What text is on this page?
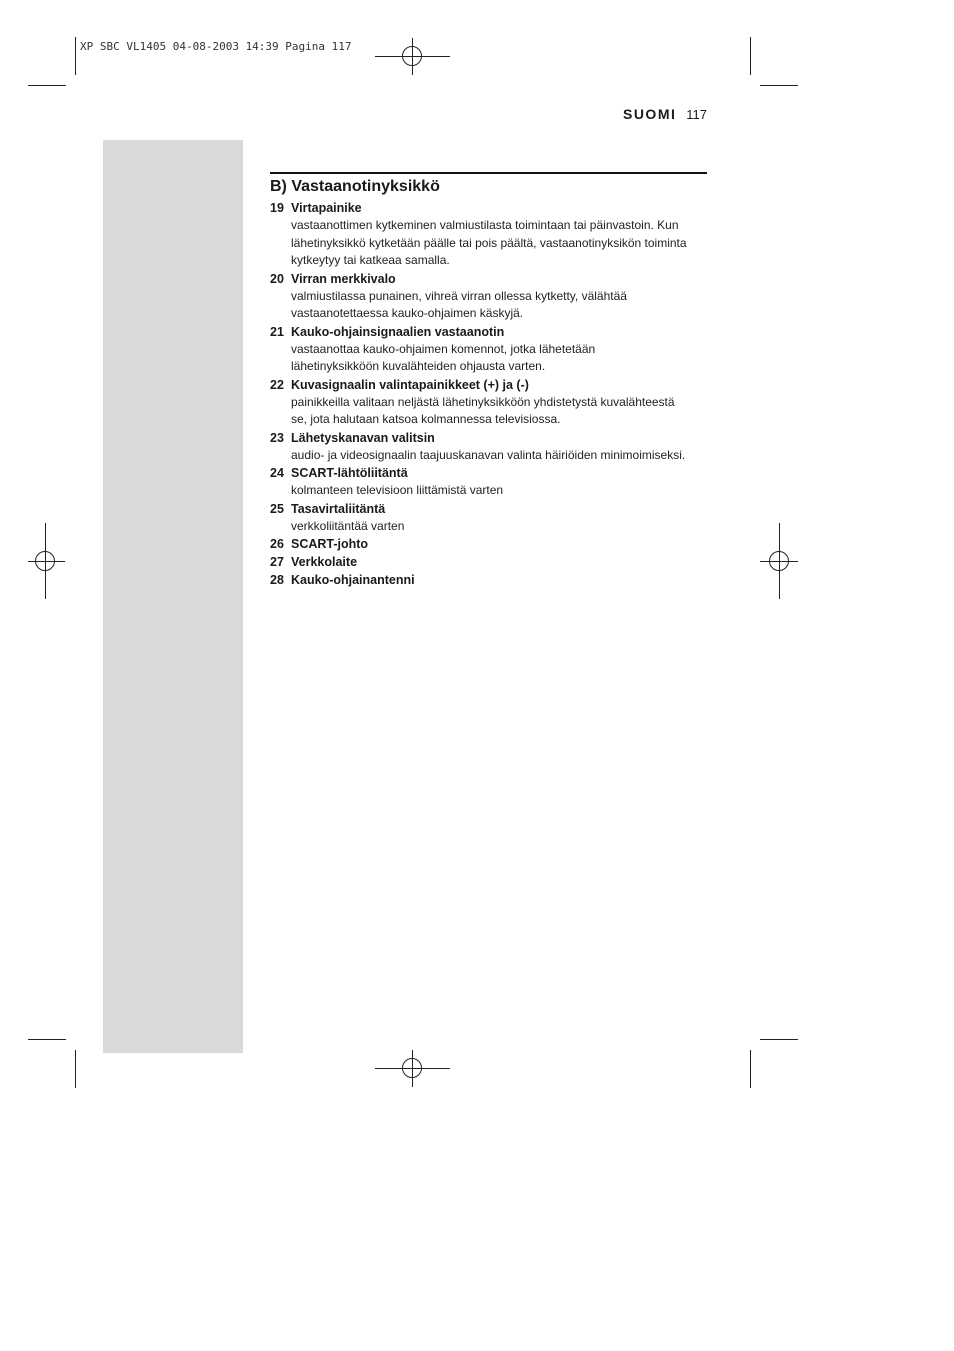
XP SBC VL1405 04-08-2003 14:39 Pagina 117
SUOMI 117
B) Vastaanotinyksikkö
19 Virtapainike
vastaanottimen kytkeminen valmiustilasta toimintaan tai päinvastoin. Kun
lähetinyksikkö kytketään päälle tai pois päältä, vastaanotinyksikön toiminta
kytkeytyy tai katkeaa samalla.
20 Virran merkkivalo
valmiustilassa punainen, vihreä virran ollessa kytketty, välähtää
vastaanotettaessa kauko-ohjaimen käskyjä.
21 Kauko-ohjainsignaalien vastaanotin
vastaanottaa kauko-ohjaimen komennot, jotka lähetetään
lähetinyksikköön kuvalähteiden ohjausta varten.
22 Kuvasignaalin valintapainikkeet (+) ja (-)
painikkeilla valitaan neljästä lähetinyksikköön yhdistetystä kuvalähteestä
se, jota halutaan katsoa kolmannessa televisiossa.
23 Lähetyskanavan valitsin
audio- ja videosignaalin taajuuskanavan valinta häiriöiden minimoimiseksi.
24 SCART-lähtöliitäntä
kolmanteen televisioon liittämistä varten
25 Tasavirtaliitäntä
verkkoliitäntää varten
26 SCART-johto
27 Verkkolaite
28 Kauko-ohjainantenni
